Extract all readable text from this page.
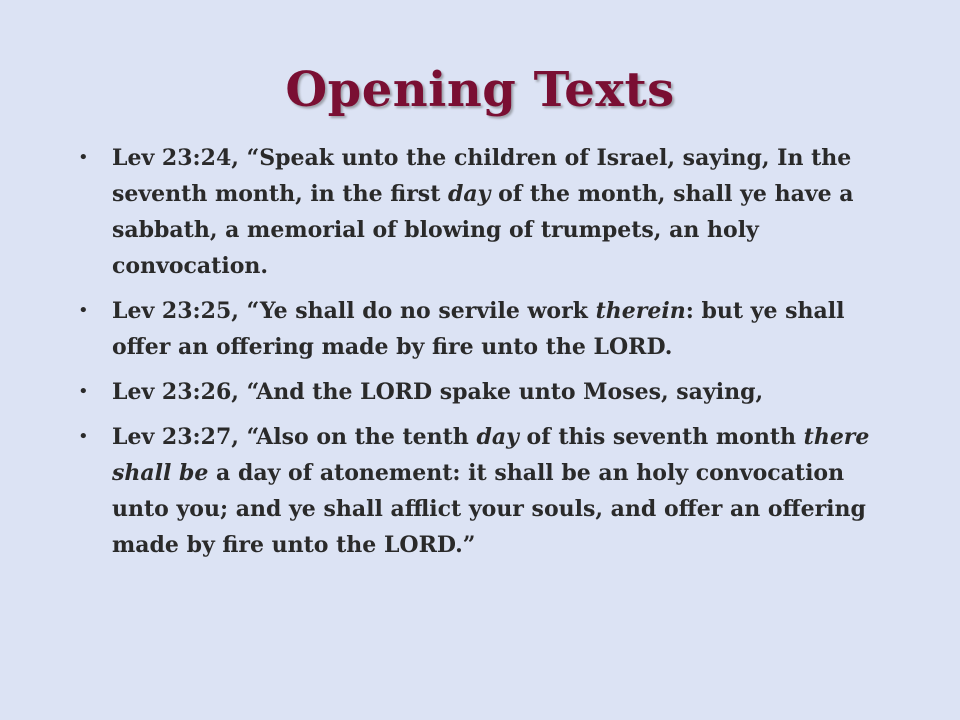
Opening Texts
• Lev 23:24, “Speak unto the children of Israel, saying, In the seventh month, in the first day of the month, shall ye have a sabbath, a memorial of blowing of trumpets, an holy convocation.
• Lev 23:25, “Ye shall do no servile work therein: but ye shall offer an offering made by fire unto the LORD.
• Lev 23:26, “And the LORD spake unto Moses, saying,
• Lev 23:27, “Also on the tenth day of this seventh month there shall be a day of atonement: it shall be an holy convocation unto you; and ye shall afflict your souls, and offer an offering made by fire unto the LORD.”
